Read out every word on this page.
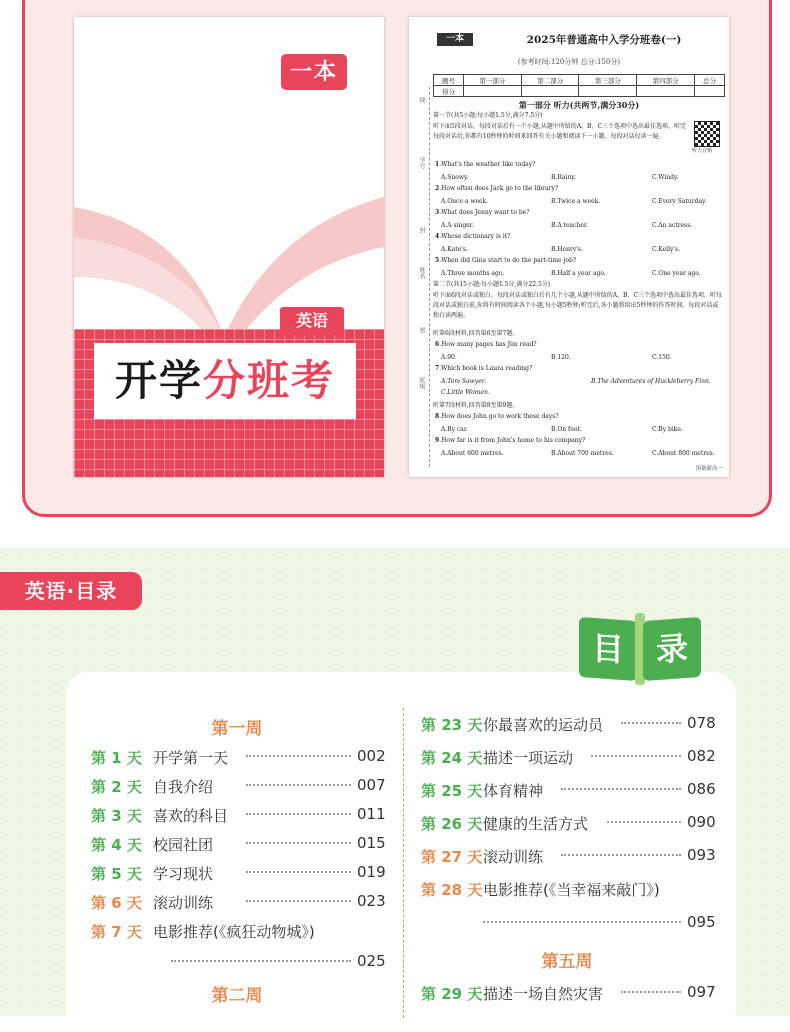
一本
英语
开学分班考
一本	2025年普通高中入学分班卷(一)
(参考时间:120分钟 总分:150分)
题号	第一部分	第二部分	第三部分	第四部分	总分
得分					
线
学号
封
姓名
密
班级
第一部分 听力(共两节,满分30分)
第一节(共5小题;每小题1.5分,满分7.5分)
听下面5段对话。每段对话后有一个小题,从题中所给的A、B、C三个选项中选出最佳选项。听完每段对话后,你都有10秒钟的时间来回答有关小题和阅读下一小题。每段对话仅读一遍。
听力音频
1.What's the weather like today?
A.Snowy.	B.Rainy.	C.Windy.
2.How often does Jack go to the library?
A.Once a week.	B.Twice a week.	C.Every Saturday.
3.What does Jenny want to be?
A.A singer.	B.A teacher.	C.An actress.
4.Whose dictionary is it?
A.Kate's.	B.Henry's.	C.Kelly's.
5.When did Gina start to do the part-time job?
A.Three months ago.	B.Half a year ago.	C.One year ago.
第二节(共15小题;每小题1.5分,满分22.5分)
听下面6段对话或独白。每段对话或独白后有几个小题,从题中所给的A、B、C三个选项中选出最佳选项。听每段对话或独白前,你将有时间阅读各个小题,每小题5秒钟;听完后,各小题将给出5秒钟的作答时间。每段对话或独白读两遍。
听第6段材料,回答第6至第7题。
6.How many pages has Jim read?
A.90.	B.120.	C.150.
7.Which book is Laura reading?
A.Tom Sawyer.	B.The Adventures of Huckleberry Finn.
C.Little Women.
听第7段材料,回答第8至第9题。
8.How does John go to work these days?
A.By car.	B.On foot.	C.By bike.
9.How far is it from John's home to his company?
A.About 600 metres.	B.About 700 metres.	C.About 800 metres.
预备新高一
英语·目录
目 录
第一周
第 1 天 开学第一天	002
第 2 天 自我介绍	007
第 3 天 喜欢的科目	011
第 4 天 校园社团	015
第 5 天 学习现状	019
第 6 天 滚动训练	023
第 7 天 电影推荐(《疯狂动物城》)
025
第二周
第 23 天 你最喜欢的运动员	078
第 24 天 描述一项运动	082
第 25 天 体育精神	086
第 26 天 健康的生活方式	090
第 27 天 滚动训练	093
第 28 天 电影推荐(《当幸福来敲门》)
095
第五周
第 29 天 描述一场自然灾害	097
